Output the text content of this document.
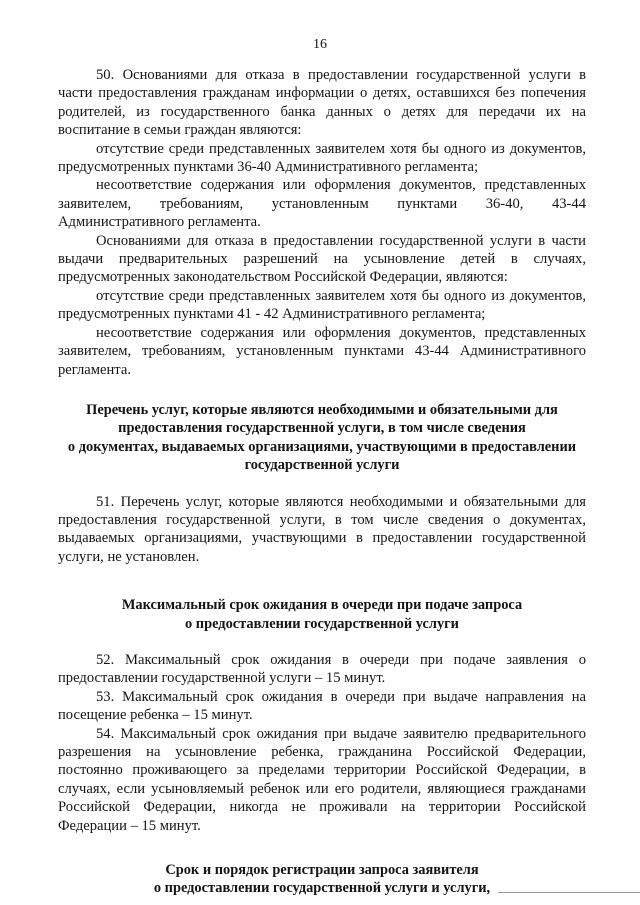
16

50. Основаниями для отказа в предоставлении государственной услуги в части предоставления гражданам информации о детях, оставшихся без попечения родителей, из государственного банка данных о детях для передачи их на воспитание в семьи граждан являются:

отсутствие среди представленных заявителем хотя бы одного из документов, предусмотренных пунктами 36-40 Административного регламента;

несоответствие содержания или оформления документов, представленных заявителем, требованиям, установленным пунктами 36-40, 43-44 Административного регламента.

Основаниями для отказа в предоставлении государственной услуги в части выдачи предварительных разрешений на усыновление детей в случаях, предусмотренных законодательством Российской Федерации, являются:

отсутствие среди представленных заявителем хотя бы одного из документов, предусмотренных пунктами 41 - 42 Административного регламента;

несоответствие содержания или оформления документов, представленных заявителем, требованиям, установленным пунктами 43-44 Административного регламента.

Перечень услуг, которые являются необходимыми и обязательными для

предоставления государственной услуги, в том числе сведения

о документах, выдаваемых организациями, участвующими в предоставлении

государственной услуги

51. Перечень услуг, которые являются необходимыми и обязательными для предоставления государственной услуги, в том числе сведения о документах, выдаваемых организациями, участвующими в предоставлении государственной услуги, не установлен.

Максимальный срок ожидания в очереди при подаче запроса

о предоставлении государственной услуги

52. Максимальный срок ожидания в очереди при подаче заявления о предоставлении государственной услуги – 15 минут.

53. Максимальный срок ожидания в очереди при выдаче направления на посещение ребенка – 15 минут.

54. Максимальный срок ожидания при выдаче заявителю предварительного разрешения на усыновление ребенка, гражданина Российской Федерации, постоянно проживающего за пределами территории Российской Федерации, в случаях, если усыновляемый ребенок или его родители, являющиеся гражданами Российской Федерации, никогда не проживали на территории Российской Федерации – 15 минут.

Срок и порядок регистрации запроса заявителя

о предоставлении государственной услуги и услуги,
